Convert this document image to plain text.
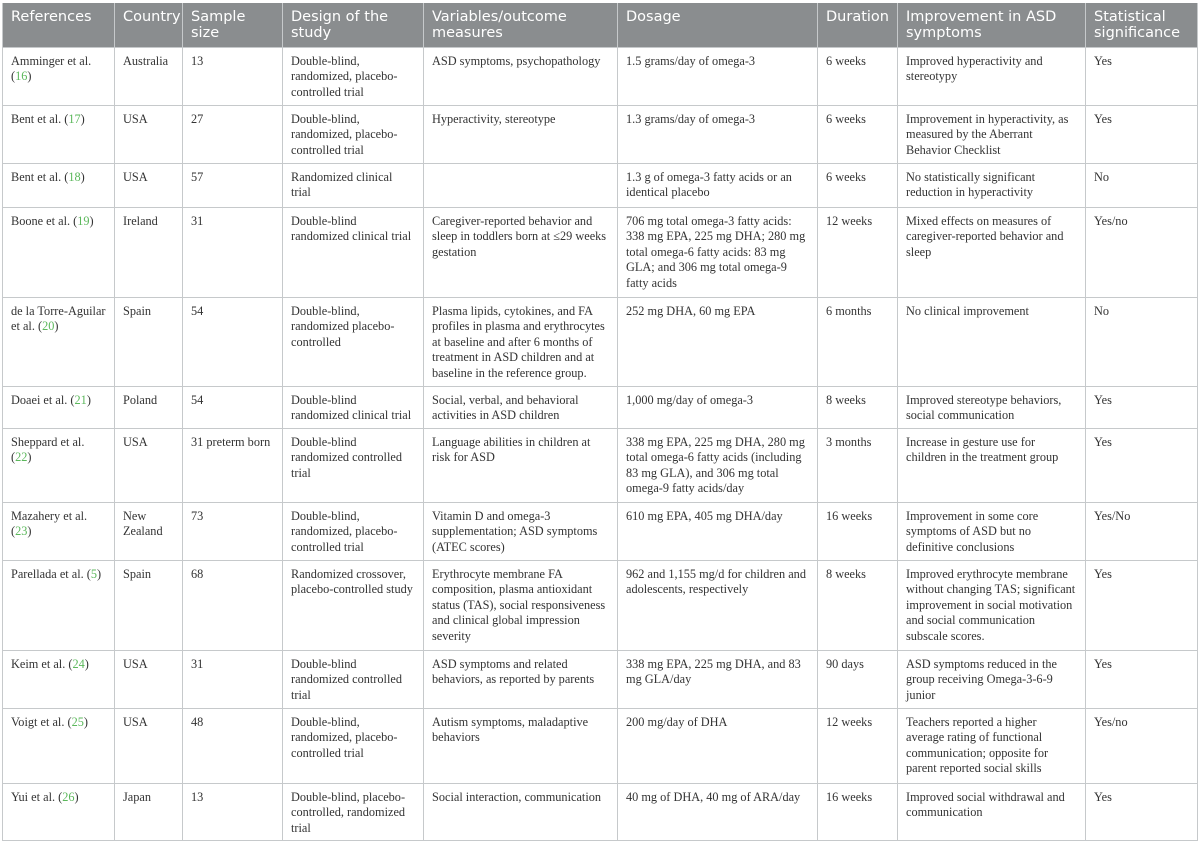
References	Country	Sample size	Design of the study	Variables/outcome measures	Dosage	Duration	Improvement in ASD symptoms	Statistical significance
Amminger et al. (16)	Australia	13	Double-blind, randomized, placebo-controlled trial	ASD symptoms, psychopathology	1.5 grams/day of omega-3	6 weeks	Improved hyperactivity and stereotypy	Yes
Bent et al. (17)	USA	27	Double-blind, randomized, placebo-controlled trial	Hyperactivity, stereotype	1.3 grams/day of omega-3	6 weeks	Improvement in hyperactivity, as measured by the Aberrant Behavior Checklist	Yes
Bent et al. (18)	USA	57	Randomized clinical trial		1.3 g of omega-3 fatty acids or an identical placebo	6 weeks	No statistically significant reduction in hyperactivity	No
Boone et al. (19)	Ireland	31	Double-blind randomized clinical trial	Caregiver-reported behavior and sleep in toddlers born at ≤29 weeks gestation	706 mg total omega-3 fatty acids: 338 mg EPA, 225 mg DHA; 280 mg total omega-6 fatty acids: 83 mg GLA; and 306 mg total omega-9 fatty acids	12 weeks	Mixed effects on measures of caregiver-reported behavior and sleep	Yes/no
de la Torre-Aguilar et al. (20)	Spain	54	Double-blind, randomized placebo-controlled	Plasma lipids, cytokines, and FA profiles in plasma and erythrocytes at baseline and after 6 months of treatment in ASD children and at baseline in the reference group.	252 mg DHA, 60 mg EPA	6 months	No clinical improvement	No
Doaei et al. (21)	Poland	54	Double-blind randomized clinical trial	Social, verbal, and behavioral activities in ASD children	1,000 mg/day of omega-3	8 weeks	Improved stereotype behaviors, social communication	Yes
Sheppard et al. (22)	USA	31 preterm born	Double-blind randomized controlled trial	Language abilities in children at risk for ASD	338 mg EPA, 225 mg DHA, 280 mg total omega-6 fatty acids (including 83 mg GLA), and 306 mg total omega-9 fatty acids/day	3 months	Increase in gesture use for children in the treatment group	Yes
Mazahery et al. (23)	New Zealand	73	Double-blind, randomized, placebo-controlled trial	Vitamin D and omega-3 supplementation; ASD symptoms (ATEC scores)	610 mg EPA, 405 mg DHA/day	16 weeks	Improvement in some core symptoms of ASD but no definitive conclusions	Yes/No
Parellada et al. (5)	Spain	68	Randomized crossover, placebo-controlled study	Erythrocyte membrane FA composition, plasma antioxidant status (TAS), social responsiveness and clinical global impression severity	962 and 1,155 mg/d for children and adolescents, respectively	8 weeks	Improved erythrocyte membrane without changing TAS; significant improvement in social motivation and social communication subscale scores.	Yes
Keim et al. (24)	USA	31	Double-blind randomized controlled trial	ASD symptoms and related behaviors, as reported by parents	338 mg EPA, 225 mg DHA, and 83 mg GLA/day	90 days	ASD symptoms reduced in the group receiving Omega-3-6-9 junior	Yes
Voigt et al. (25)	USA	48	Double-blind, randomized, placebo-controlled trial	Autism symptoms, maladaptive behaviors	200 mg/day of DHA	12 weeks	Teachers reported a higher average rating of functional communication; opposite for parent reported social skills	Yes/no
Yui et al. (26)	Japan	13	Double-blind, placebo-controlled, randomized trial	Social interaction, communication	40 mg of DHA, 40 mg of ARA/day	16 weeks	Improved social withdrawal and communication	Yes
